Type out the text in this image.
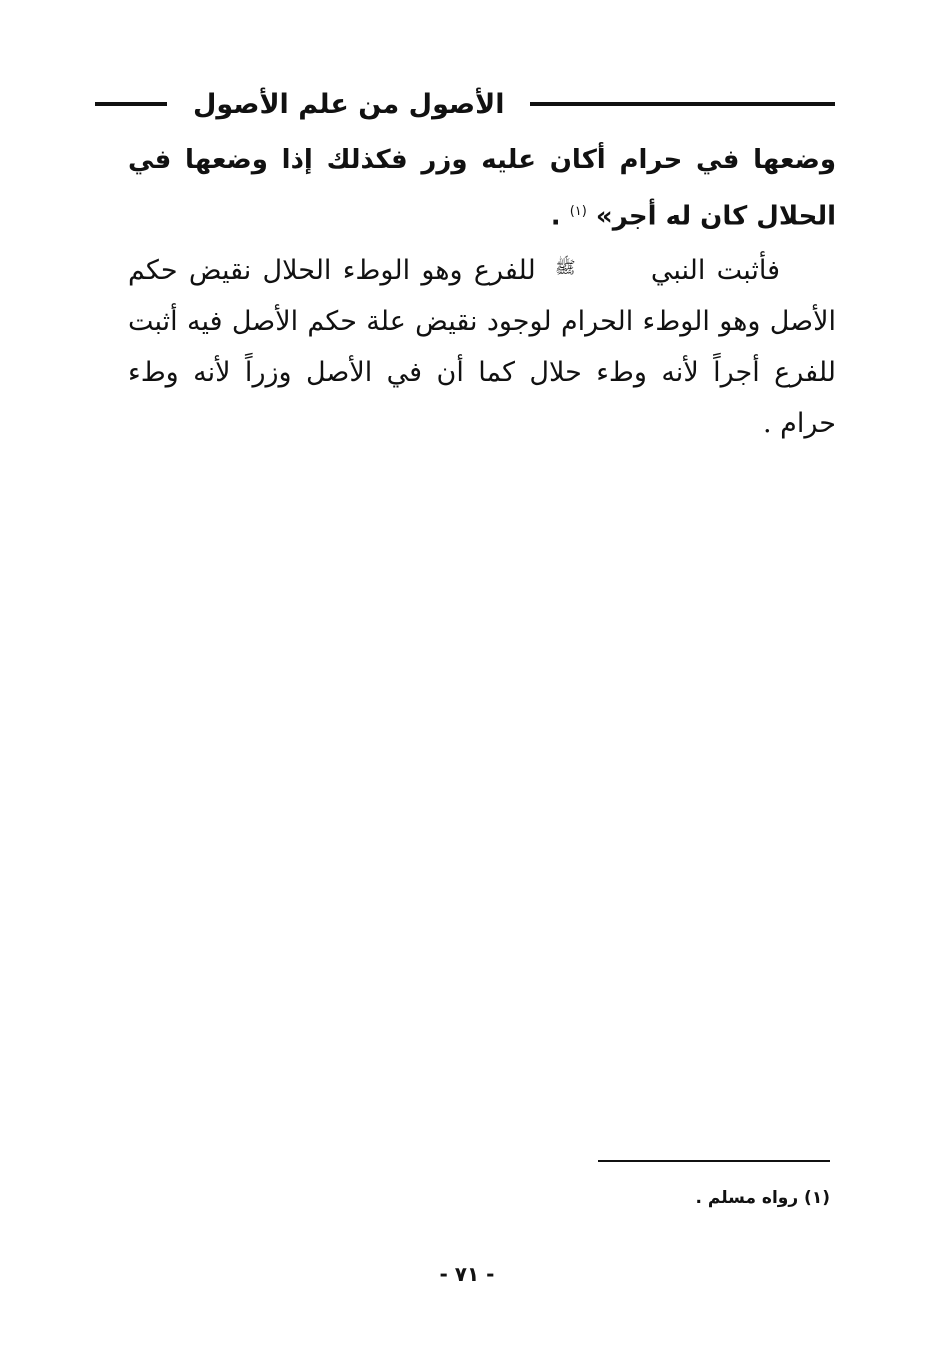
الأصول من علم الأصول

وضعها في حرام أكان عليه وزر فكذلك إذا وضعها في الحلال كان له أجر» $^{(١)}$ .

فأثبت النبي ﷺ للفرع وهو الوطء الحلال نقيض حكم الأصل وهو الوطء الحرام لوجود نقيض علة حكم الأصل فيه أثبت للفرع أجراً لأنه وطء حلال كما أن في الأصل وزراً لأنه وطء حرام .

(١) رواه مسلم .
- ٧١ -
